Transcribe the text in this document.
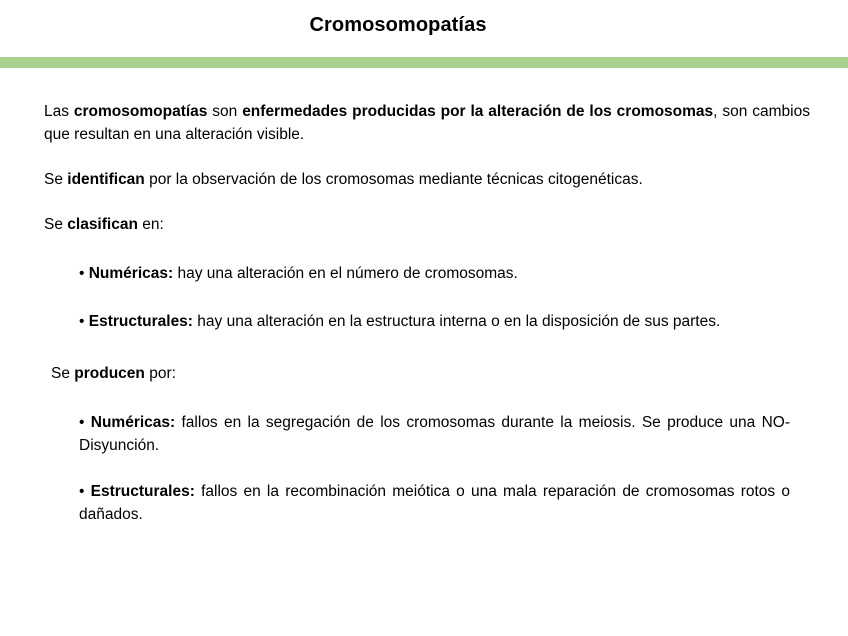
Cromosomopatías

Las cromosomopatías son enfermedades producidas por la alteración de los cromosomas, son cambios que resultan en una alteración visible.

Se identifican por la observación de los cromosomas mediante técnicas citogenéticas.

Se clasifican en:

• Numéricas: hay una alteración en el número de cromosomas.

• Estructurales: hay una alteración en la estructura interna o en la disposición de sus partes.

Se producen por:

• Numéricas: fallos en la segregación de los cromosomas durante la meiosis. Se produce una NO-Disyunción.

• Estructurales: fallos en la recombinación meiótica o una mala reparación de cromosomas rotos o dañados.
